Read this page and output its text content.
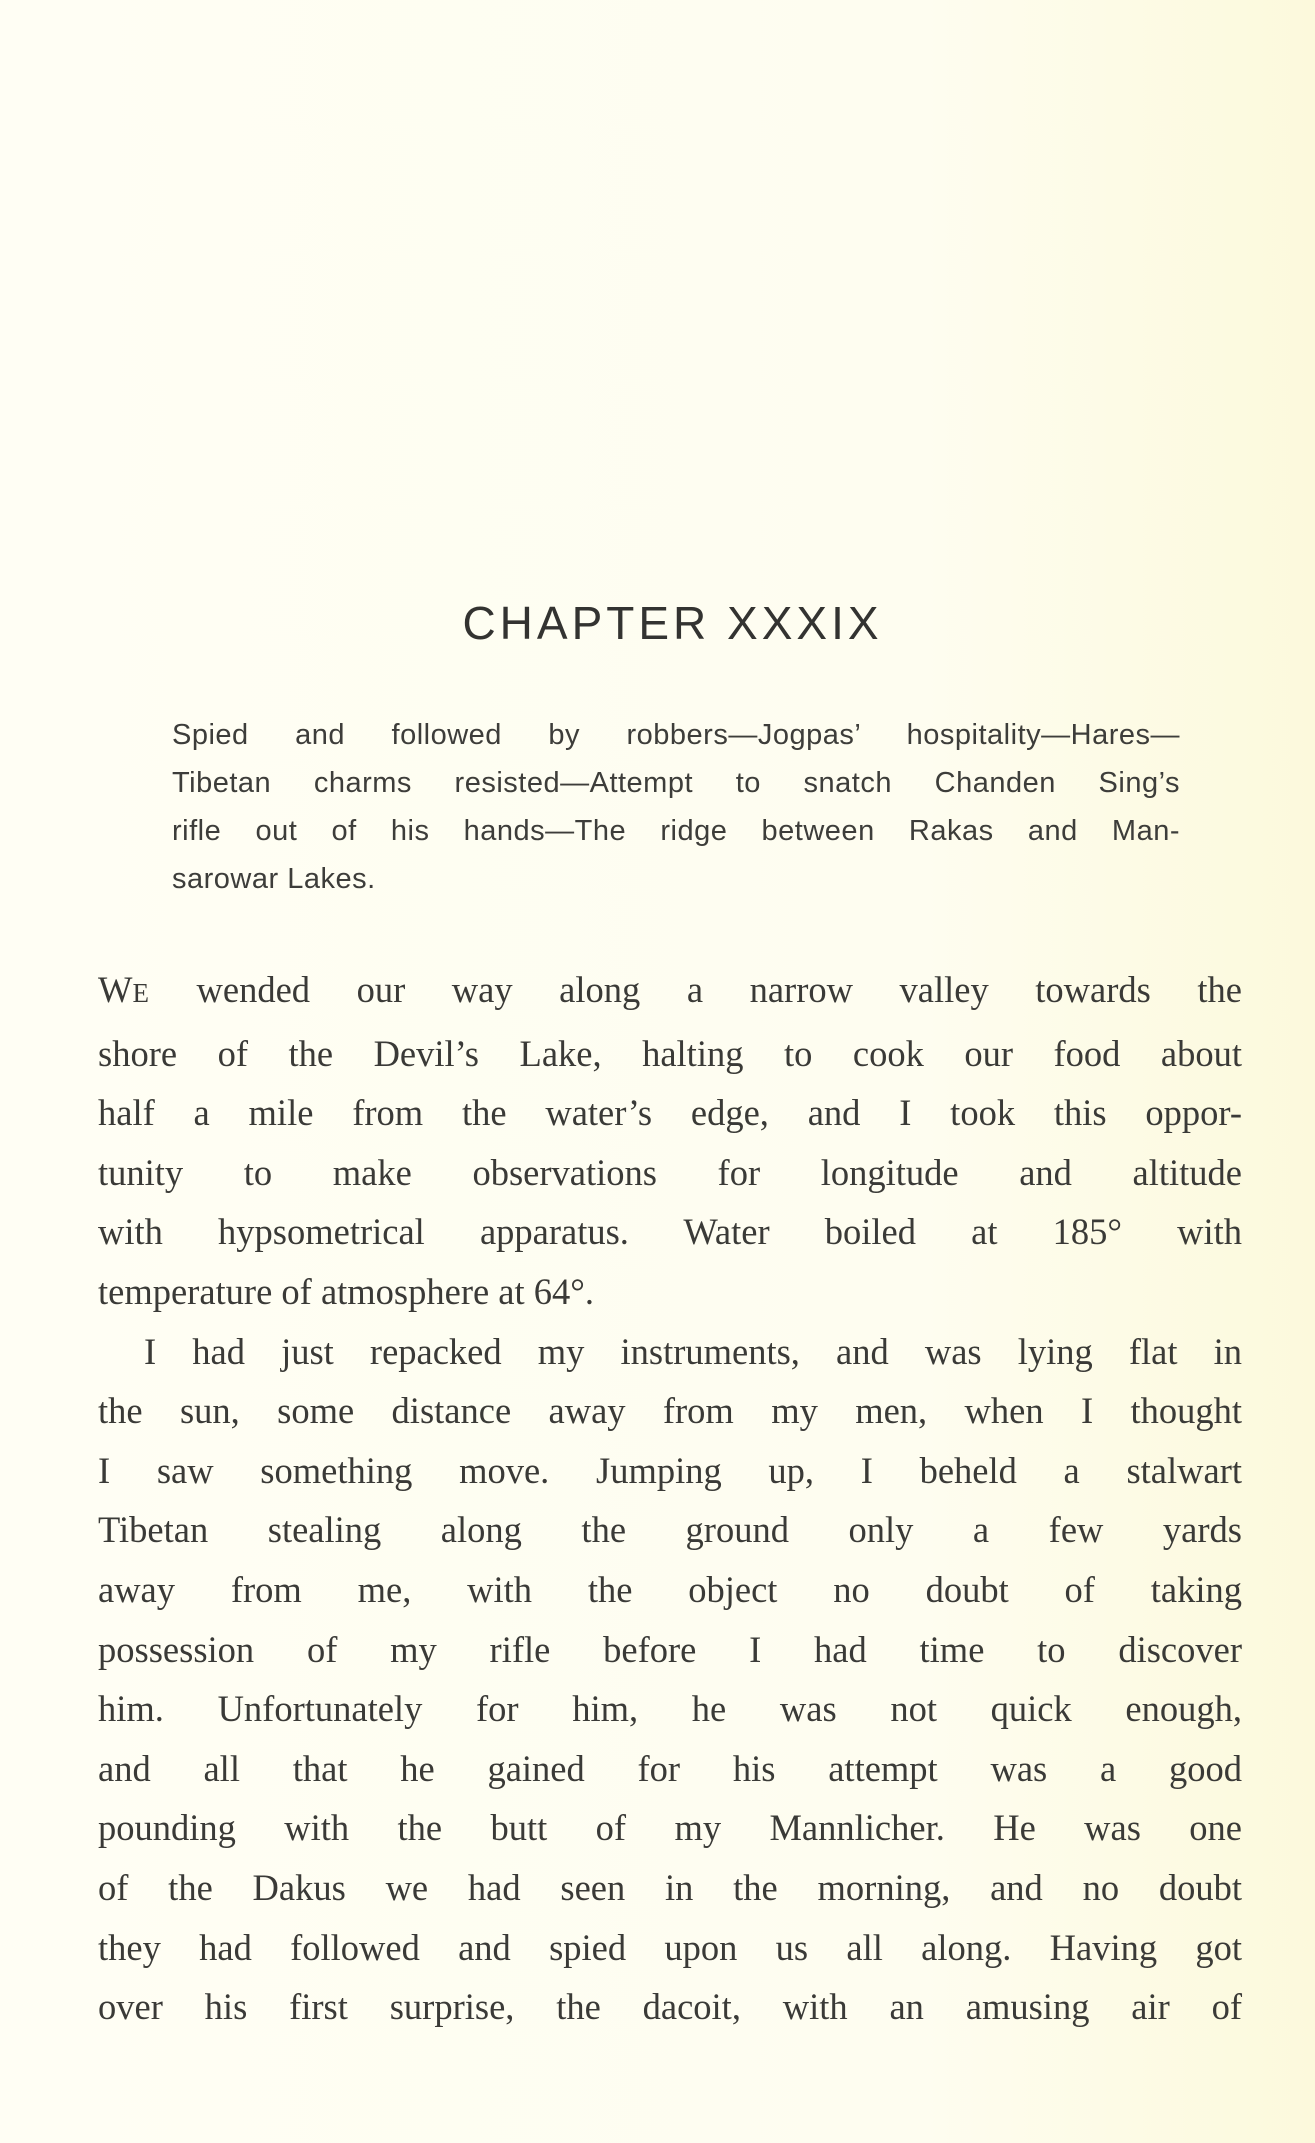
CHAPTER XXXIX
Spied and followed by robbers—Jogpas’ hospitality—Hares—
Tibetan charms resisted—Attempt to snatch Chanden Sing’s
rifle out of his hands—The ridge between Rakas and Man-
sarowar Lakes.
WE wended our way along a narrow valley towards the
shore of the Devil’s Lake, halting to cook our food about
half a mile from the water’s edge, and I took this oppor-
tunity to make observations for longitude and altitude
with hypsometrical apparatus. Water boiled at 185° with
temperature of atmosphere at 64°.
I had just repacked my instruments, and was lying flat in
the sun, some distance away from my men, when I thought
I saw something move. Jumping up, I beheld a stalwart
Tibetan stealing along the ground only a few yards
away from me, with the object no doubt of taking
possession of my rifle before I had time to discover
him. Unfortunately for him, he was not quick enough,
and all that he gained for his attempt was a good
pounding with the butt of my Mannlicher. He was one
of the Dakus we had seen in the morning, and no doubt
they had followed and spied upon us all along. Having got
over his first surprise, the dacoit, with an amusing air of
